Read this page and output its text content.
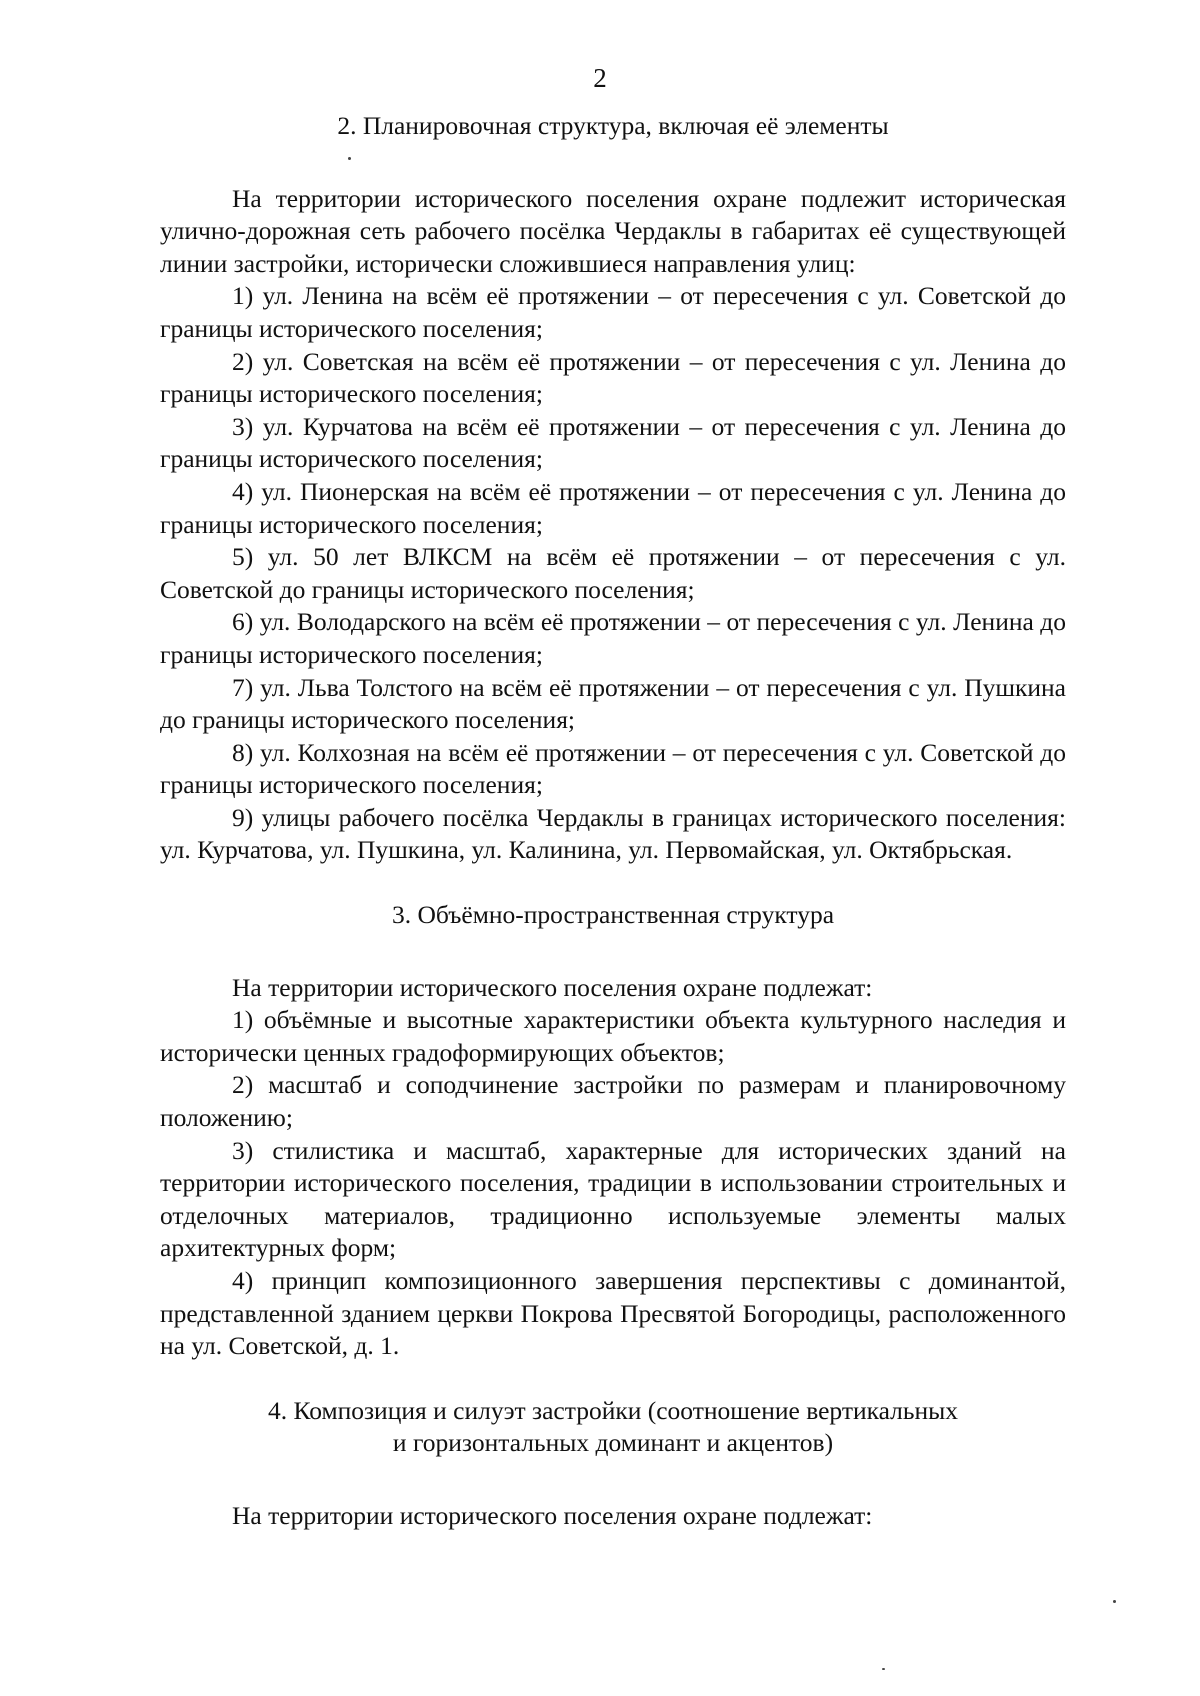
2

2. Планировочная структура, включая её элементы

На территории исторического поселения охране подлежит историческая улично-дорожная сеть рабочего посёлка Чердаклы в габаритах её существующей линии застройки, исторически сложившиеся направления улиц:

1) ул. Ленина на всём её протяжении – от пересечения с ул. Советской до границы исторического поселения;

2) ул. Советская на всём её протяжении – от пересечения с ул. Ленина до границы исторического поселения;

3) ул. Курчатова на всём её протяжении – от пересечения с ул. Ленина до границы исторического поселения;

4) ул. Пионерская на всём её протяжении – от пересечения с ул. Ленина до границы исторического поселения;

5) ул. 50 лет ВЛКСМ на всём её протяжении – от пересечения с ул. Советской до границы исторического поселения;

6) ул. Володарского на всём её протяжении – от пересечения с ул. Ленина до границы исторического поселения;

7) ул. Льва Толстого на всём её протяжении – от пересечения с ул. Пушкина до границы исторического поселения;

8) ул. Колхозная на всём её протяжении – от пересечения с ул. Советской до границы исторического поселения;

9) улицы рабочего посёлка Чердаклы в границах исторического поселения: ул. Курчатова, ул. Пушкина, ул. Калинина, ул. Первомайская, ул. Октябрьская.

3. Объёмно-пространственная структура

На территории исторического поселения охране подлежат:

1) объёмные и высотные характеристики объекта культурного наследия и исторически ценных градоформирующих объектов;

2) масштаб и соподчинение застройки по размерам и планировочному положению;

3) стилистика и масштаб, характерные для исторических зданий на территории исторического поселения, традиции в использовании строительных и отделочных материалов, традиционно используемые элементы малых архитектурных форм;

4) принцип композиционного завершения перспективы с доминантой, представленной зданием церкви Покрова Пресвятой Богородицы, расположенного на ул. Советской, д. 1.

4. Композиция и силуэт застройки (соотношение вертикальных

и горизонтальных доминант и акцентов)

На территории исторического поселения охране подлежат:
